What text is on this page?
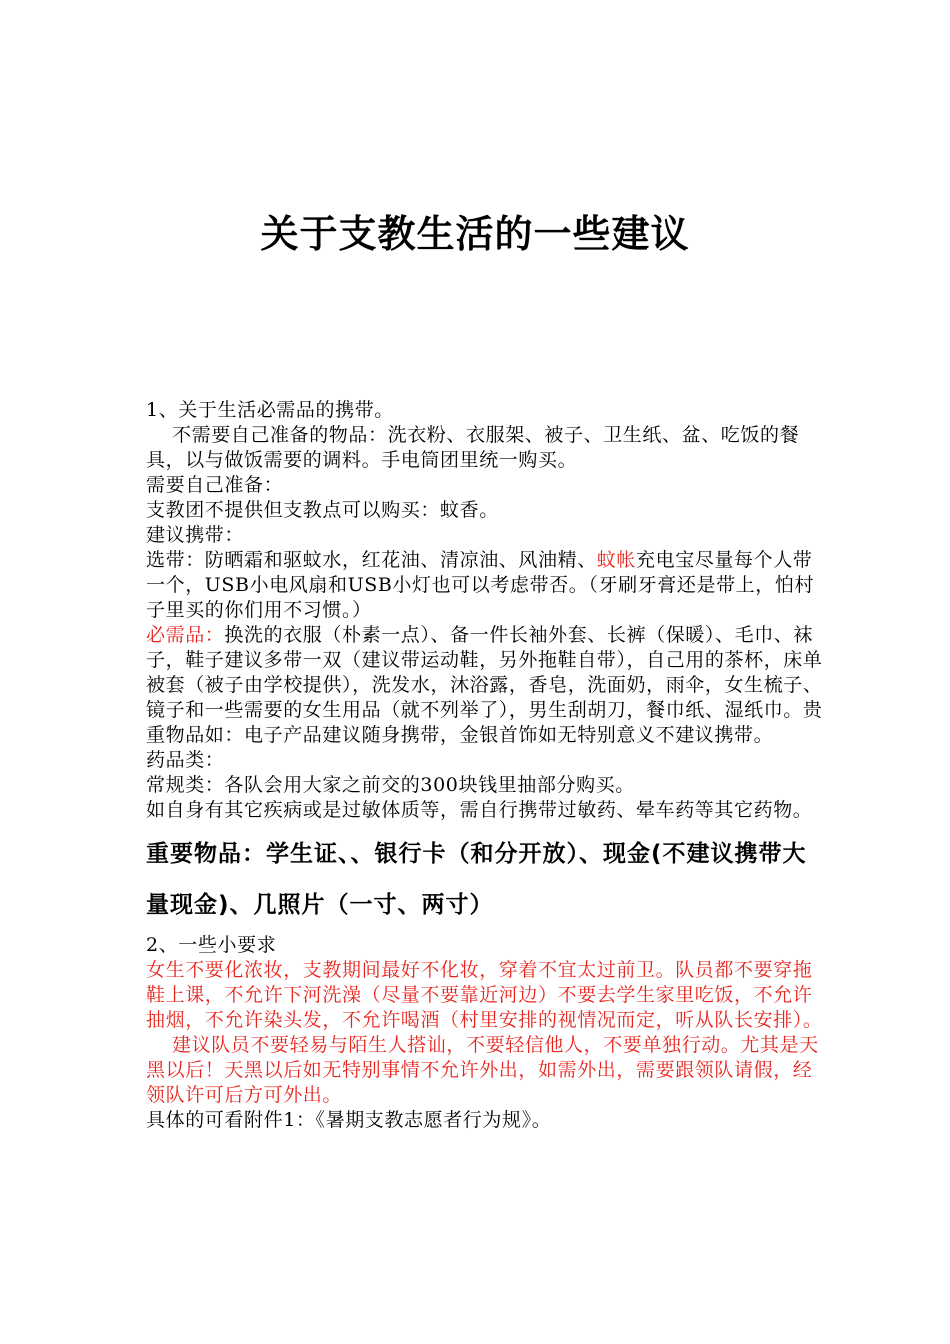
关于支教生活的一些建议

1、关于生活必需品的携带。

不需要自己准备的物品：洗衣粉、衣服架、被子、卫生纸、盆、吃饭的餐具，以与做饭需要的调料。手电筒团里统一购买。

需要自己准备：

支教团不提供但支教点可以购买：蚊香。

建议携带：

选带：防晒霜和驱蚊水，红花油、清凉油、风油精、蚊帐充电宝尽量每个人带一个，USB小电风扇和USB小灯也可以考虑带否。（牙刷牙膏还是带上，怕村子里买的你们用不习惯。）

必需品：换洗的衣服（朴素一点）、备一件长袖外套、长裤（保暖）、毛巾、袜子，鞋子建议多带一双（建议带运动鞋，另外拖鞋自带），自己用的茶杯，床单被套（被子由学校提供），洗发水，沐浴露，香皂，洗面奶，雨伞，女生梳子、镜子和一些需要的女生用品（就不列举了），男生刮胡刀，餐巾纸、湿纸巾。贵重物品如：电子产品建议随身携带，金银首饰如无特别意义不建议携带。

药品类：

常规类：各队会用大家之前交的300块钱里抽部分购买。

如自身有其它疾病或是过敏体质等，需自行携带过敏药、晕车药等其它药物。

重要物品：学生证、、银行卡（和分开放）、现金(不建议携带大量现金)、几照片（一寸、两寸）

2、一些小要求

女生不要化浓妆，支教期间最好不化妆，穿着不宜太过前卫。队员都不要穿拖鞋上课，不允许下河洗澡（尽量不要靠近河边）不要去学生家里吃饭，不允许抽烟，不允许染头发，不允许喝酒（村里安排的视情况而定，听从队长安排）。

建议队员不要轻易与陌生人搭讪，不要轻信他人，不要单独行动。尤其是天黑以后！天黑以后如无特别事情不允许外出，如需外出，需要跟领队请假，经领队许可后方可外出。

具体的可看附件1：《暑期支教志愿者行为规》。
